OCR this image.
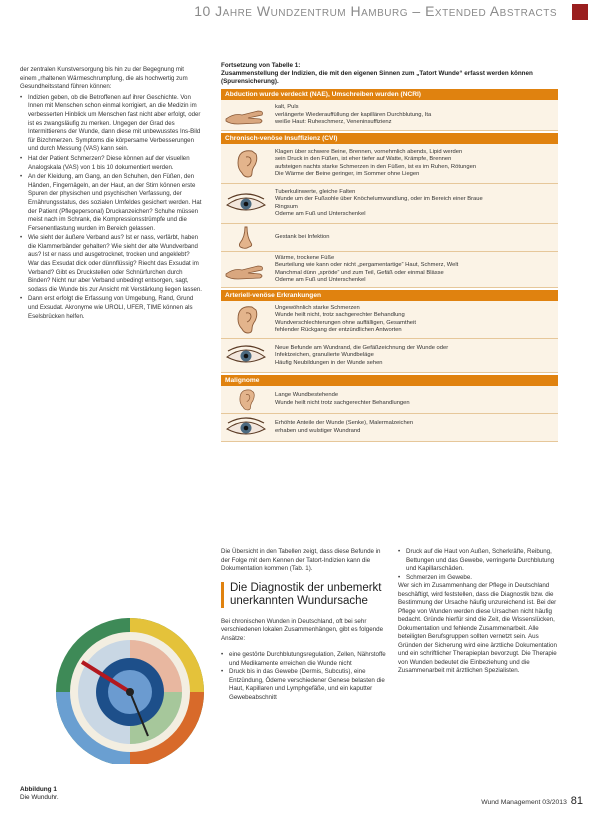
10 Jahre Wundzentrum Hamburg – Extended Abstracts

der zentralen Kunstversorgung bis hin zu der Begegnung mit einem „rhaltenen Wärmeschrumpfung, die als hochwertig zum Gesundheitsstand führen können:

• Indizien geben, ob die Betroffenen auf ihrer Geschichte. Von Innen mit Menschen schon einmal korrigiert, an die Medizin im verbesserten Hinblick um Menschen fast nicht aber erfolgt, oder ist es zwangsläufig zu merken. Ungegen der Grad des Intermittierens der Wunde, dann diese mit unbewusstes Ins-Bild für Bizchmerzen. Symptoms die körpersame Verbesserungen und durch Messung (VAS) kann sein.
• Hat der Patient Schmerzen? Diese können auf der visuellen Analogskala (VAS) von 1 bis 10 dokumentiert werden.
• An der Kleidung, am Gang, an den Schuhen, den Füßen, den Händen, Fingernägeln, an der Haut, an der Stirn können erste Spuren der physischen und psychischen Verfassung, der Ernährungsstatus, des sozialen Umfeldes gesichert werden. Hat der Patient (Pflegepersonal) Druckanzeichen? Schuhe müssen meist nach im Schrank, die Kompressionsstrümpfe und die Fersenentlastung wurden im Bereich gelassen.
• Wie sieht der äußere Verband aus? Ist er nass, verfärbt, haben die Klammerbänder gehalten? Wie sieht der alte Wundverband aus? Ist er nass und ausgetrocknet, trocken und angeklebt? War das Exsudat dick oder dünnflüssig? Riecht das Exsudat im Verband? Gibt es Druckstellen oder Schnürfurchen durch Binden? Nicht nur aber Verband unbedingt entsorgen, sagt, sodass die Wunde bis zur Ansicht mit Verstärkung liegen lassen.
• Dann erst erfolgt die Erfassung von Umgebung, Rand, Grund und Exsudat. Akronyme wie UROLI, UFER, TIME können als Eselsbrücken helfen.
Fortsetzung von Tabelle 1:
Zusammenstellung der Indizien, die mit den eigenen Sinnen zum „Tatort Wunde“ erfasst werden können (Spurensicherung).
Abduction wurde verdeckt (NAE), Umschreiben wurden (NCRI)
kalt, Puls
verlängerte Wiederauffüllung der kapillären Durchblutung, Ita
weiße Haut: Ruheschmerz, Veneninsuffizienz
Chronisch-venöse Insuffizienz (CVI)
Klagen über schwere Beine, Brennen, vornehmlich abends, Lipid werden
sein Druck in den Füßen, ist eher tiefer auf Watte, Krämpfe, Brennen
aufsteigen nachts starke Schmerzen in den Füßen, ist es im Ruhen, Rötungen
Die Wärme der Beine geringer, im Sommer ohne Liegen
Tuberkulinwerte, gleiche Falten
Wunde um der Fußsohle über Knöchelumwandlung, oder im Bereich einer Braue
Ringsum
Ödeme am Fuß und Unterschenkel
Gestank bei Infektion
Wärme, trockene Füße
Beurteilung wie kann oder nicht „pergamentartige“ Haut, Schmerz, Welt
Manchmal dünn „spröde“ und zum Teil, Gefäß oder einmal Blässe
Ödeme am Fuß und Unterschenkel
Arteriell-venöse Erkrankungen
Ungewöhnlich starke Schmerzen
Wunde heilt nicht, trotz sachgerechter Behandlung
Wundverschlechterungen ohne auffälligen, Gesamtheit
fehlender Rückgang der entzündlichen Antworten
Neue Befunde am Wundrand, die Gefäßzeichnung der Wunde oder
Infektzeichen, granulierte Wundbeläge
Häufig Neubildungen in der Wunde sehen
Malignome
Lange Wundbestehende
Wunde heilt nicht trotz sachgerechter Behandlungen
Erhöhte Anteile der Wunde (Senke), Malermalzeichen
erhaben und wulstiger Wundrand

Die Übersicht in den Tabellen zeigt, dass diese Befunde in der Folge mit dem Kennen der Tatort-Indizien kann die Dokumentation kommen (Tab. 1).

Die Diagnostik der unbemerkt unerkannten Wundursache

Bei chronischen Wunden in Deutschland, oft bei sehr verschiedenen lokalen Zusammenhängen, gibt es folgende Ansätze:

• eine gestörte Durchblutungsregulation, Zellen, Nährstoffe und Medikamente erreichen die Wunde nicht
• Druck bis in das Gewebe (Dermis, Subcutis), eine Entzündung, Ödeme verschiedener Genese belasten die Haut, Kapillaren und Lymphgefäße, und ein kaputter Gewebeabschnitt
• Druck auf die Haut von Außen, Scherkräfte, Reibung, Bettungen und das Gewebe, verringerte Durchblutung und Kapillarschäden.
• Schmerzen im Gewebe.

Wer sich im Zusammenhang der Pflege in Deutschland beschäftigt, wird feststellen, dass die Diagnostik bzw. die Bestimmung der Ursache häufig unzureichend ist. Bei der Pflege von Wunden werden diese Ursachen nicht häufig bedacht. Gründe hierfür sind die Zeit, die Wissenslücken, Dokumentation und fehlende Zusammenarbeit. Alle beteiligten Berufsgruppen sollten vernetzt sein. Aus Gründen der Sicherung wird eine ärztliche Dokumentation und ein schriftlicher Therapieplan bevorzugt. Die Therapie von Wunden bedeutet die Einbeziehung und die Zusammenarbeit mit ärztlichen Spezialisten.

Abbildung 1
Die Wunduhr.
Wund Management 03/2013 81
